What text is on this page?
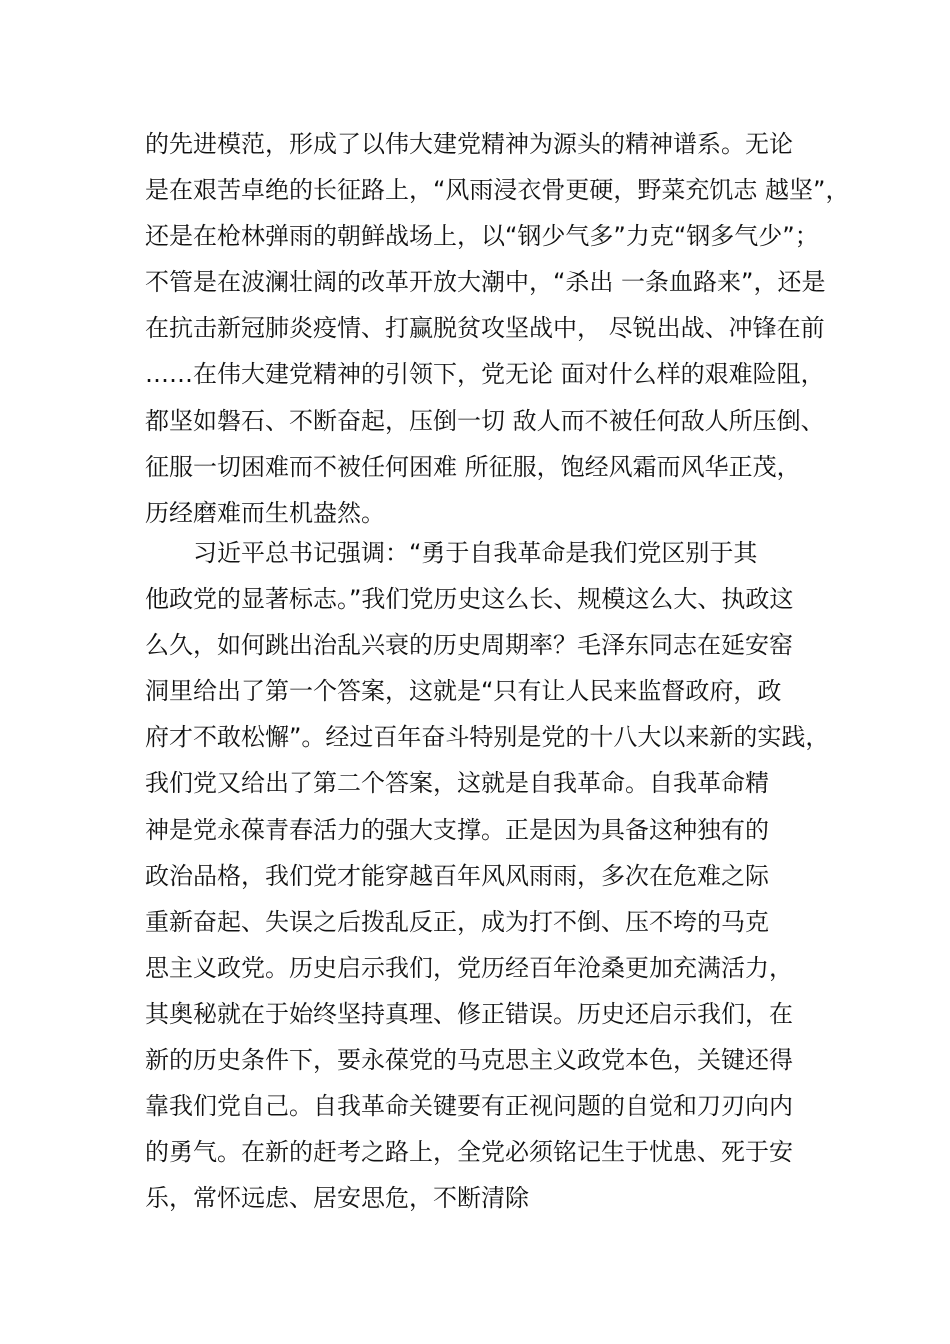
的先进模范，形成了以伟大建党精神为源头的精神谱系。无论
是在艰苦卓绝的长征路上，“风雨浸衣骨更硬，野菜充饥志 越坚”，
还是在枪林弹雨的朝鲜战场上，以“钢少气多”力克“钢多气少”；
不管是在波澜壮阔的改革开放大潮中，“杀出 一条血路来”，还是
在抗击新冠肺炎疫情、打赢脱贫攻坚战中， 尽锐出战、冲锋在前
……在伟大建党精神的引领下，党无论 面对什么样的艰难险阻，
都坚如磐石、不断奋起，压倒一切 敌人而不被任何敌人所压倒、
征服一切困难而不被任何困难 所征服，饱经风霜而风华正茂，
历经磨难而生机盎然。
　　习近平总书记强调：“勇于自我革命是我们党区别于其
他政党的显著标志。”我们党历史这么长、规模这么大、执政这
么久，如何跳出治乱兴衰的历史周期率？毛泽东同志在延安窑
洞里给出了第一个答案，这就是“只有让人民来监督政府，政
府才不敢松懈”。经过百年奋斗特别是党的十八大以来新的实践，
我们党又给出了第二个答案，这就是自我革命。自我革命精
神是党永葆青春活力的强大支撑。正是因为具备这种独有的
政治品格，我们党才能穿越百年风风雨雨，多次在危难之际
重新奋起、失误之后拨乱反正，成为打不倒、压不垮的马克
思主义政党。历史启示我们，党历经百年沧桑更加充满活力，
其奥秘就在于始终坚持真理、修正错误。历史还启示我们，在
新的历史条件下，要永葆党的马克思主义政党本色，关键还得
靠我们党自己。自我革命关键要有正视问题的自觉和刀刃向内
的勇气。在新的赶考之路上，全党必须铭记生于忧患、死于安
乐，常怀远虑、居安思危，不断清除
